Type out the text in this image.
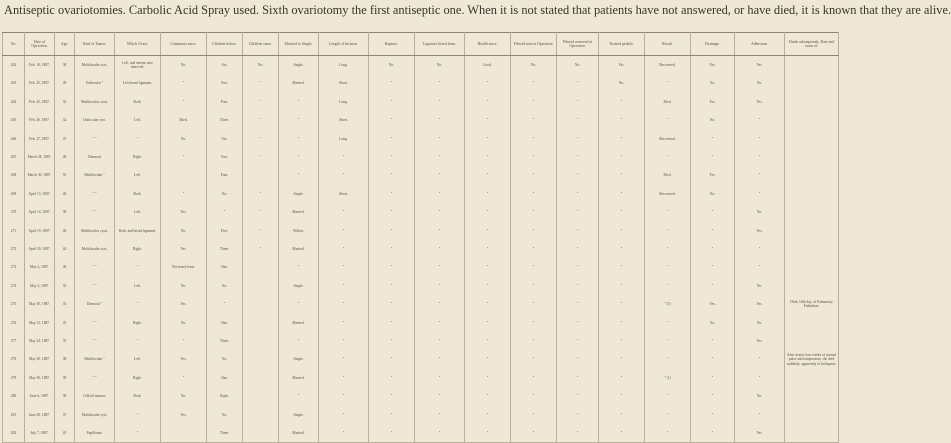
Antiseptic ovariotomies. Carbolic Acid Spray used. Sixth ovariotomy the first antiseptic one. When it is not stated that patients have not answered, or have died, it is known that they are alive.
No.	Date of Operation.	Age.	Kind of Tumor.	Which Ovary.	Catamenia since.	Children before.	Children since.	Married or Single.	Length of Incision.	Rupture.	Ligatures heard from.	Health since.	Fibroid seen at Operation.	Fibroid removed at Operation.	Twisted pedicle.	Result.	Drainage.	Adhesions.	Death subsequently. Date and cause of.
262	Feb. 10, 1887.	38	Multilocular cyst.	Left, and uterine also removed.	No.	Six.	No.	Single.	Long.	No.	No.	Good.	No.	No.	Yes.	Recovered.	Yes.	Yes.	
263	Feb. 25, 1887.	49	Unilocular "	Left broad ligament.	"	Two.	"	Married.	Short.	"	"	"	"	"	No.	"	No.	No.	
264	Feb. 25, 1887.	32	Multilocular cysts.	Both.	"	Four.	"	"	Long.	"	"	"	"	"	"	Died.	Yes.	Yes.	
265	Feb. 26, 1887.	32	Unilocular cyst.	Left.	Died.	Three.	"	"	Short.	"	"	"	"	"	"	"	No.	"	
266	Feb. 27, 1887.	47	" "	"	No.	Six.	"	"	Long.	"	"	"	"	"	"	Recovered.	"	"	
267	March 28, 1887.	46	Dermoid	Right.	"	Two.	"	"	"	"	"	"	"	"	"	"	"	"	
268	March 30, 1887.	55	Multilocular "	Left.		Four.		"	"	"	"	"	"	"	"	Died.	Yes.	"	
269	April 13, 1887.	40	" "	Both.	"	No.	"	Single.	Short.	"	"	"	"	"	"	Recovered.	No.	"	
270	April 14, 1887.	39	" "	Left.	Yes.	"	"	Married.	"	"	"	"	"	"	"	"	"	No.	
271	April 19, 1887.	40	Multilocular cysts.	Both, and broad ligament.	No.	Five.	"	Widow.	"	"	"	"	"	"	"	"	"	Yes.	
272	April 30, 1887.	44	Multilocular cyst.	Right.	Yes.	Three.	"	Married.	"	"	"	"	"	"	"	"	"	"	
273	May 2, 1887.	40	" "	"	Not heard from.	One.		"	"	"	"	"	"	"	"	"	"	"	
274	May 3, 1887.	35	" "	Left.	No.	No.		Single.	"	"	"	"	"	"	"	"	"	No.	
275	May 10, 1887.	35	Dermoid "	"	Yes.	"		"	"	"	"	"	"	"	"	" (1)	Yes.	Yes.	Died, 16th day, of Pulmonary Embolism.
276	May 12, 1887.	45	" "	Right.	No.	One.		Married.	"	"	"	"	"	"	"	"	No.	No.	
277	May 24, 1887.	35	" "	"	"	Three.		"	"	"	"	"	"	"	"	"	"	Yes.	
278	May 30, 1887.	38	Multilocular "	Left.	Yes.	No.		Single.	"	"	"	"	"	"	"	"	"	"	After nearly four weeks of normal pulse and temperature, she died suddenly, apparently of bedspasm.
279	May 30, 1887.	39	" "	Right.	"	One.		Married.	"	"	"	"	"	"	"	" (1)	"	"	
280	June 6, 1887.	38	Colloid tumour.	Both.	No.	Eight.		"	"	"	"	"	"	"	"	"	"	No.	
281	June 20, 1887.	37	Multilocular cyst.	"	Yes.	No.		Single.	"	"	"	"	"	"	"	"	"	"	
282	July 7, 1887.	45	Papilloma.	"		Three.		Married.	"	"	"	"	"	"	"	"	"	Yes.	
